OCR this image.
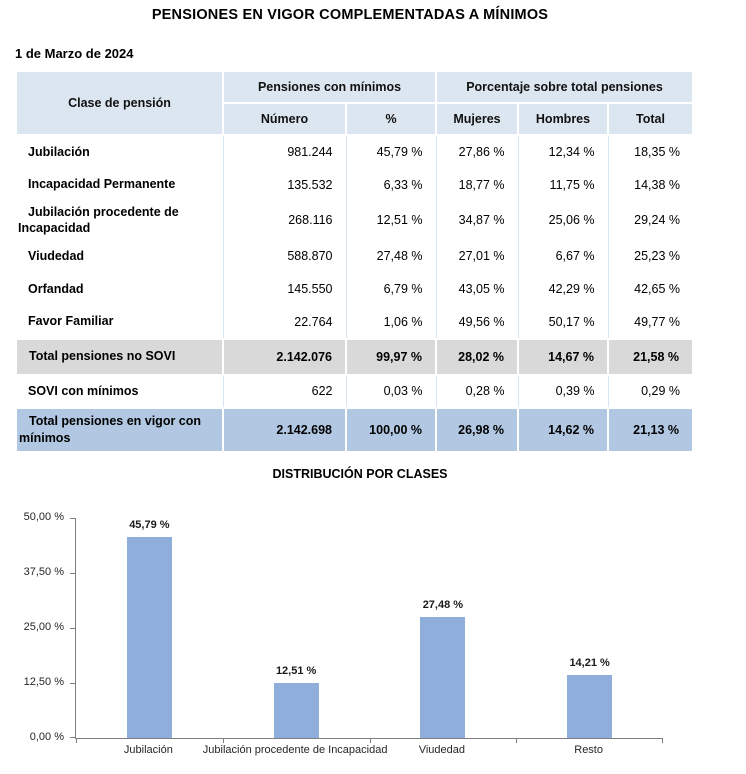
PENSIONES EN VIGOR COMPLEMENTADAS A MÍNIMOS
1 de Marzo de 2024
Clase de pensión	Pensiones con mínimos		Porcentaje sobre total pensiones		
	Número	%	Mujeres	Hombres	Total
Jubilación	981.244	45,79 %	27,86 %	12,34 %	18,35 %
Incapacidad Permanente	135.532	6,33 %	18,77 %	11,75 %	14,38 %
Jubilación procedente de Incapacidad	268.116	12,51 %	34,87 %	25,06 %	29,24 %
Viudedad	588.870	27,48 %	27,01 %	6,67 %	25,23 %
Orfandad	145.550	6,79 %	43,05 %	42,29 %	42,65 %
Favor Familiar	22.764	1,06 %	49,56 %	50,17 %	49,77 %
Total pensiones no SOVI	2.142.076	99,97 %	28,02 %	14,67 %	21,58 %
SOVI con mínimos	622	0,03 %	0,28 %	0,39 %	0,29 %
Total pensiones en vigor con mínimos	2.142.698	100,00 %	26,98 %	14,62 %	21,13 %
DISTRIBUCIÓN POR CLASES
50,00 %
37,50 %
25,00 %
12,50 %
0,00 %
45,79 %
12,51 %
27,48 %
14,21 %
Jubilación	Jubilación procedente de Incapacidad	Viudedad	Resto
